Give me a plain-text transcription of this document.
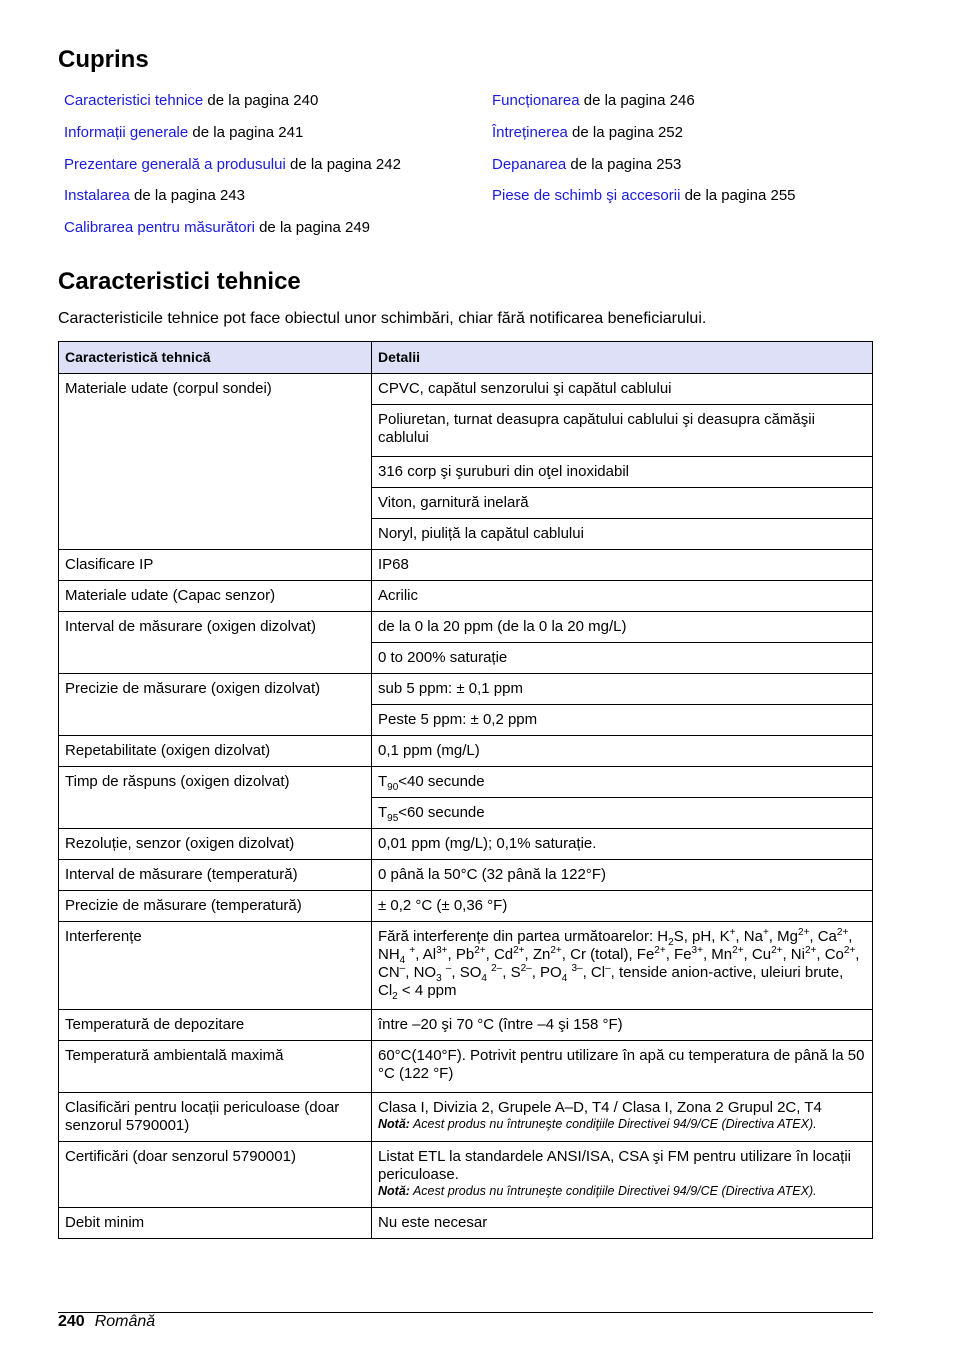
Cuprins
Caracteristici tehnice de la pagina 240
Informații generale de la pagina 241
Prezentare generală a produsului de la pagina 242
Instalarea de la pagina 243
Calibrarea pentru măsurători de la pagina 249
Funcționarea de la pagina 246
Întreținerea de la pagina 252
Depanarea de la pagina 253
Piese de schimb şi accesorii de la pagina 255
Caracteristici tehnice

Caracteristicile tehnice pot face obiectul unor schimbări, chiar fără notificarea beneficiarului.

Caracteristică tehnică	Detalii
Materiale udate (corpul sondei)	CPVC, capătul senzorului şi capătul cablului
	Poliuretan, turnat deasupra capătului cablului şi deasupra cămăşii cablului
	316 corp şi şuruburi din oţel inoxidabil
	Viton, garnitură inelară
	Noryl, piuliță la capătul cablului
Clasificare IP	IP68
Materiale udate (Capac senzor)	Acrilic
Interval de măsurare (oxigen dizolvat)	de la 0 la 20 ppm (de la 0 la 20 mg/L)
	0 to 200% saturație
Precizie de măsurare (oxigen dizolvat)	sub 5 ppm: ± 0,1 ppm
	Peste 5 ppm: ± 0,2 ppm
Repetabilitate (oxigen dizolvat)	0,1 ppm (mg/L)
Timp de răspuns (oxigen dizolvat)	$T_{90}<40$ secunde
	$T_{95}<60$ secunde
Rezoluție, senzor (oxigen dizolvat)	0,01 ppm (mg/L); 0,1% saturație.
Interval de măsurare (temperatură)	0 până la 50°C (32 până la 122°F)
Precizie de măsurare (temperatură)	± 0,2 °C (± 0,36 °F)
Interferențe	Fără interferențe din partea următoarelor: $H_2S$, pH, K+, Na+, $Mg^{2+}$, $Ca^{2+}$, $NH_4$ +, $Al^{3+}$, $Pb^{2+}$, $Cd^{2+}$, $Zn^{2+}$, Cr (total), $Fe^{2+}$, $Fe^{3+}$, $Mn^{2+}$, $Cu^{2+}$, $Ni^{2+}$, $Co^{2+}$, CN–, $NO_3$ –, $SO_4$ $^{2-}$, $S^{2-}$, $PO_4$ $^{3-}$, Cl–, tenside anion-active, uleiuri brute, $Cl_2 < 4$ ppm
Temperatură de depozitare	între –20 şi 70 °C (între –4 şi 158 °F)
Temperatură ambientală maximă	60°C(140°F). Potrivit pentru utilizare în apă cu temperatura de până la 50 °C (122 °F)
Clasificări pentru locații periculoase (doar senzorul 5790001)	Clasa I, Divizia 2, Grupele A–D, T4 / Clasa I, Zona 2 Grupul 2C, T4
Notă: Acest produs nu întruneşte condiţiile Directivei 94/9/CE (Directiva ATEX).

Certificări (doar senzorul 5790001)	Listat ETL la standardele ANSI/ISA, CSA şi FM pentru utilizare în locații periculoase.
Notă: Acest produs nu întruneşte condiţiile Directivei 94/9/CE (Directiva ATEX).

Debit minim	Nu este necesar
240 Română
